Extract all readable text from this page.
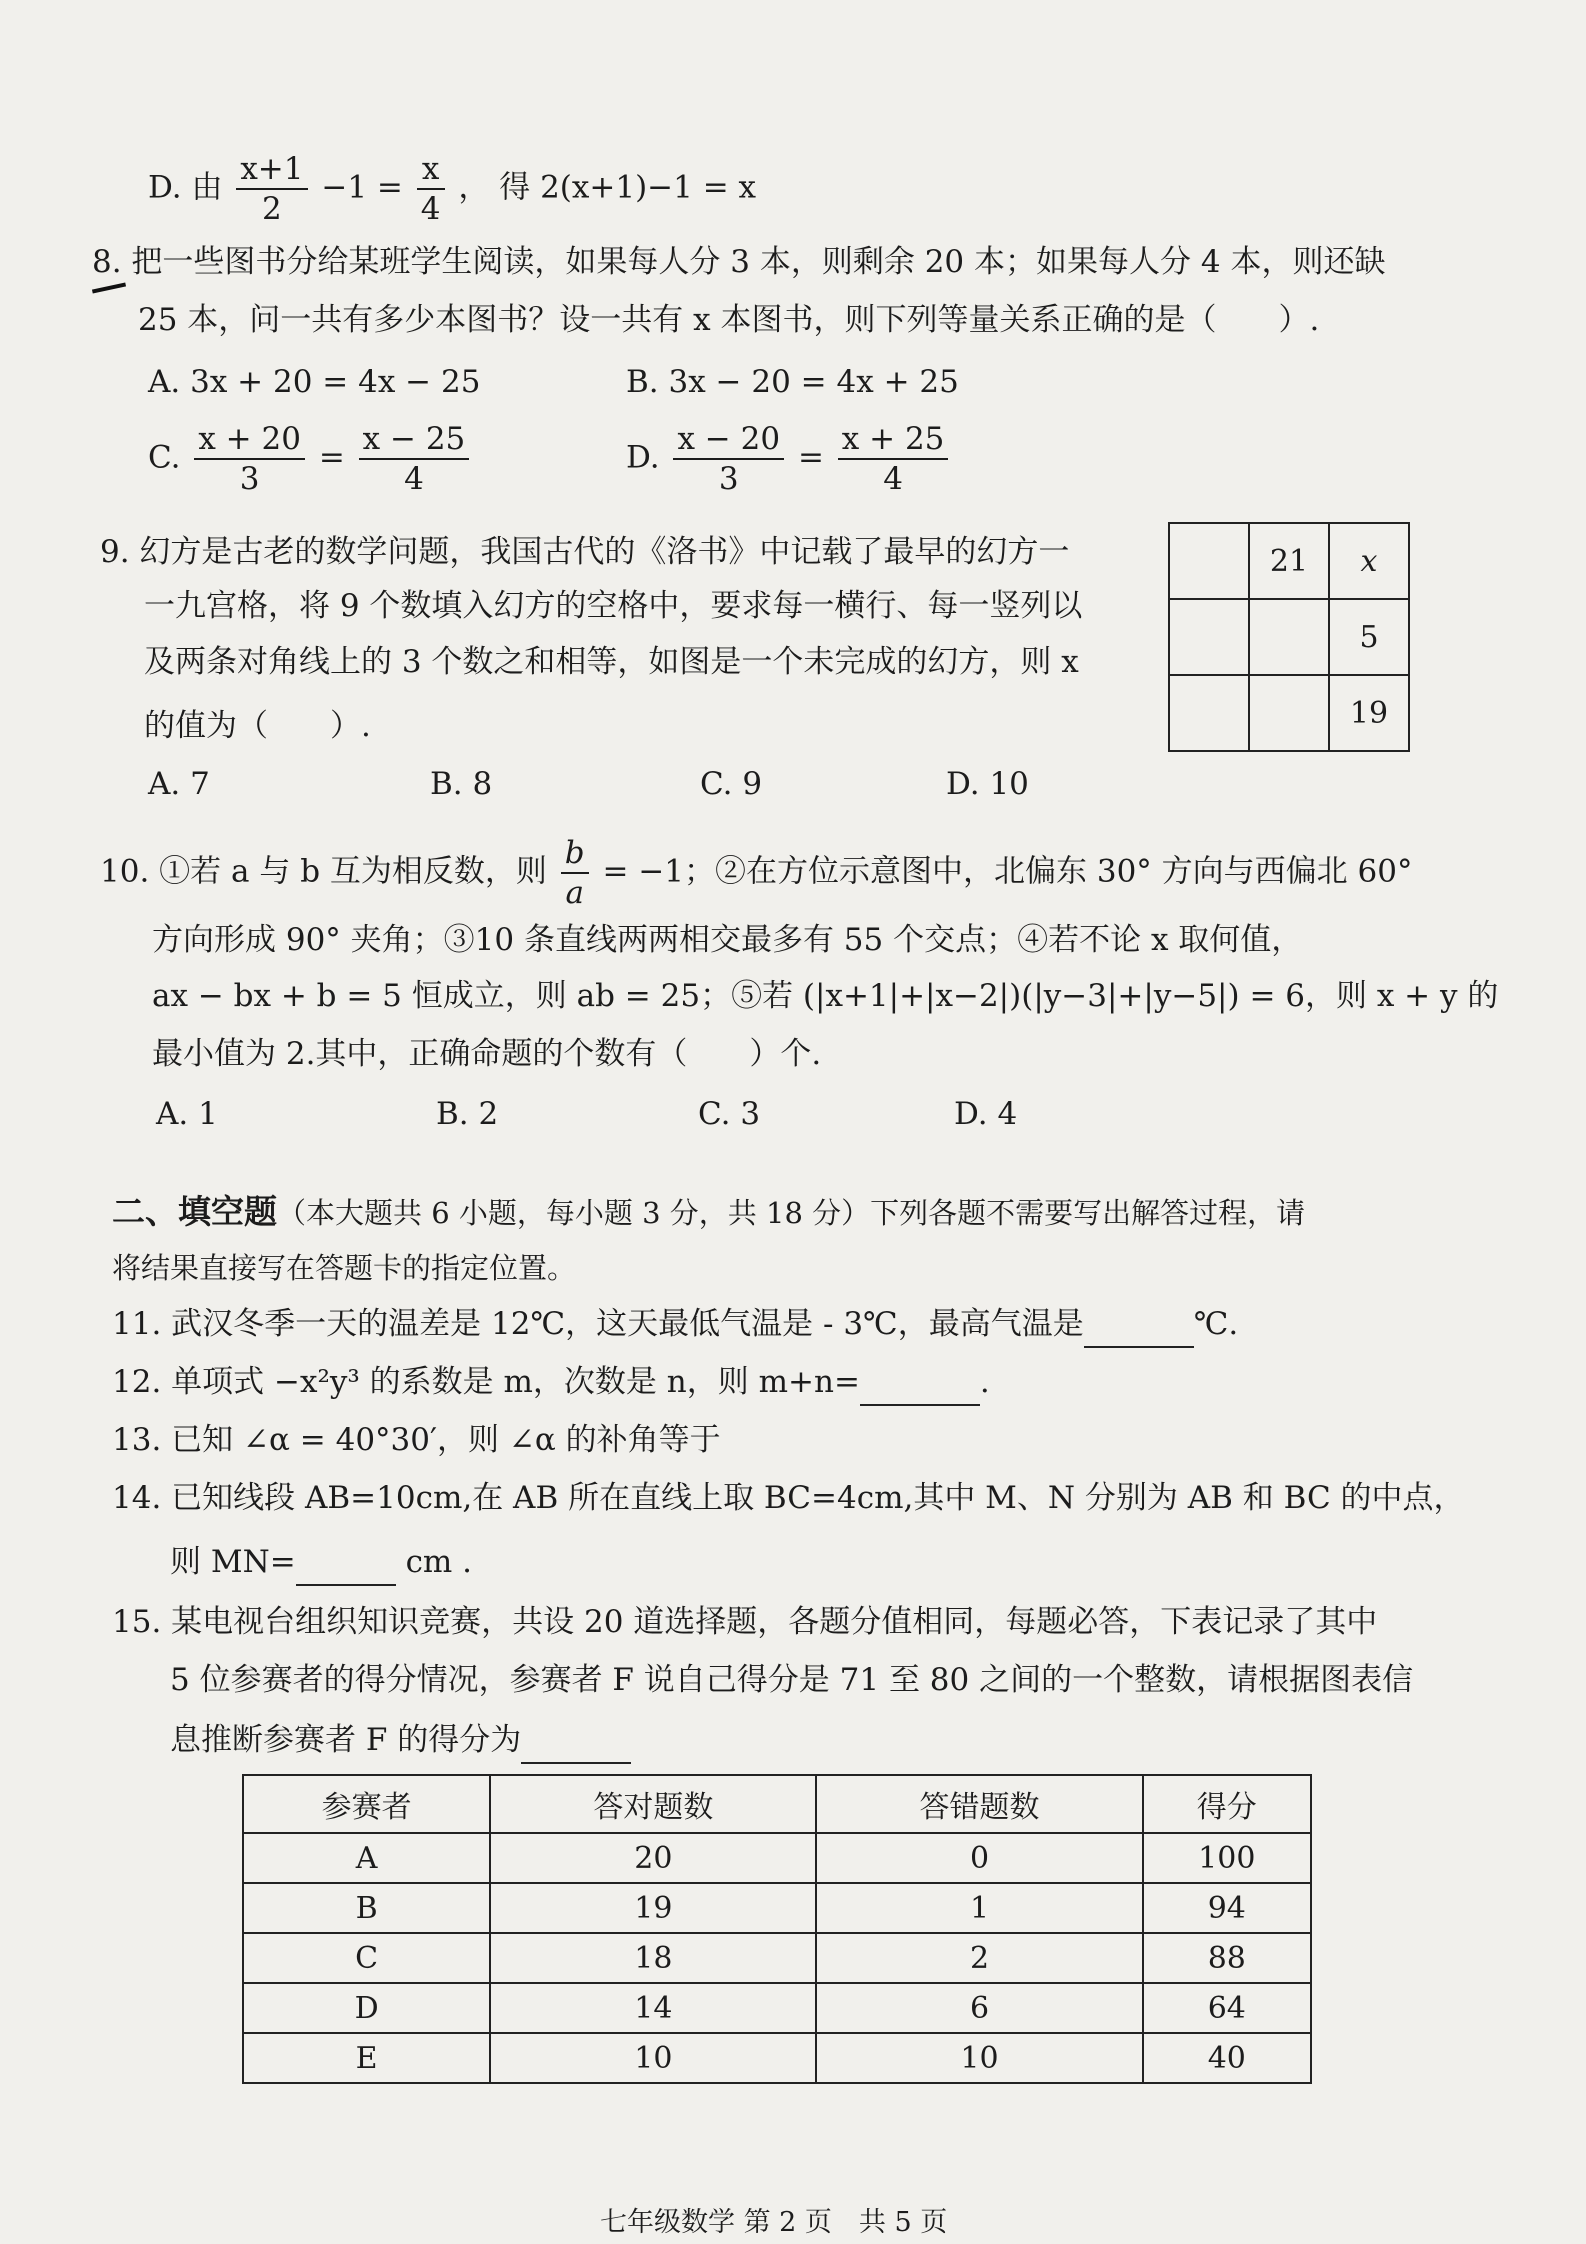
D. 由 $\frac{x+1}{2} -1 = \frac{x}{4}$ ， 得 2(x+1)−1 = x
8. 把一些图书分给某班学生阅读，如果每人分 3 本，则剩余 20 本；如果每人分 4 本，则还缺
25 本，问一共有多少本图书？设一共有 x 本图书，则下列等量关系正确的是（　　）.
A. 3x + 20 = 4x − 25	B. 3x − 20 = 4x + 25
C. $\frac{x + 20}{3} = \frac{x - 25}{4}$	D. $\frac{x - 20}{3} = \frac{x + 25}{4}$
9. 幻方是古老的数学问题，我国古代的《洛书》中记载了最早的幻方一
一九宫格，将 9 个数填入幻方的空格中，要求每一横行、每一竖列以
及两条对角线上的 3 个数之和相等，如图是一个未完成的幻方，则 x
的值为（　　）.
	21	x
		5
		19
A. 7	B. 8	C. 9	D. 10
10. ①若 a 与 b 互为相反数，则 $\frac{b}{a} = -1$；②在方位示意图中，北偏东 30° 方向与西偏北 60°
方向形成 90° 夹角；③10 条直线两两相交最多有 55 个交点；④若不论 x 取何值，
ax − bx + b = 5 恒成立，则 ab = 25；⑤若 (|x+1|+|x−2|)(|y−3|+|y−5|) = 6，则 x + y 的
最小值为 2.其中，正确命题的个数有（　　）个.
A. 1	B. 2	C. 3	D. 4
二、填空题（本大题共 6 小题，每小题 3 分，共 18 分）下列各题不需要写出解答过程，请
将结果直接写在答题卡的指定位置。
11. 武汉冬季一天的温差是 12℃，这天最低气温是 - 3℃，最高气温是	℃.
12. 单项式 −x²y³ 的系数是 m，次数是 n，则 m+n=	.
13. 已知 ∠α = 40°30′，则 ∠α 的补角等于
14. 已知线段 AB=10cm,在 AB 所在直线上取 BC=4cm,其中 M、N 分别为 AB 和 BC 的中点，
则 MN=	cm .
15. 某电视台组织知识竞赛，共设 20 道选择题，各题分值相同，每题必答，下表记录了其中
5 位参赛者的得分情况，参赛者 F 说自己得分是 71 至 80 之间的一个整数，请根据图表信
息推断参赛者 F 的得分为
参赛者	答对题数	答错题数	得分
A	20	0	100
B	19	1	94
C	18	2	88
D	14	6	64
E	10	10	40
七年级数学 第 2 页　共 5 页
